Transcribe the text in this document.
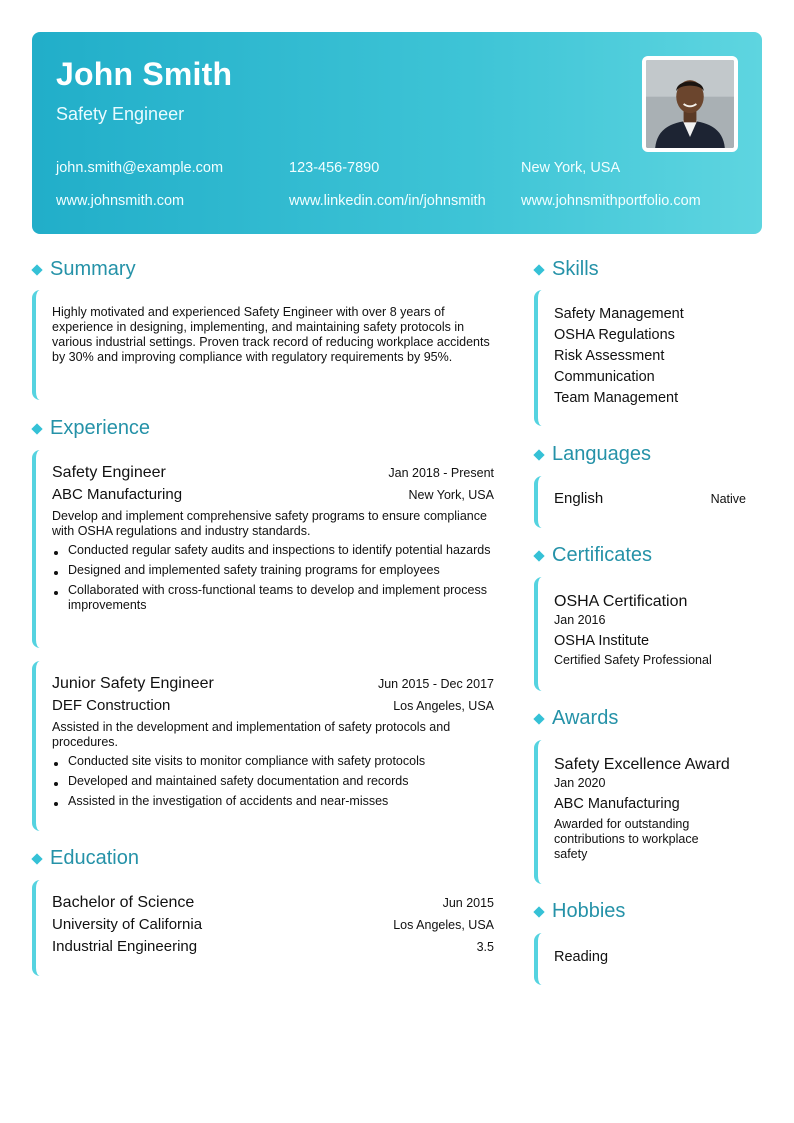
John Smith
Safety Engineer
john.smith@example.com	123-456-7890	New York, USA
www.johnsmith.com	www.linkedin.com/in/johnsmith www.johnsmithportfolio.com
Summary
Highly motivated and experienced Safety Engineer with over 8 years of experience in designing, implementing, and maintaining safety protocols in various industrial settings. Proven track record of reducing workplace accidents by 30% and improving compliance with regulatory requirements by 95%.
Experience
Safety Engineer	Jan 2018 - Present
ABC Manufacturing	New York, USA
Develop and implement comprehensive safety programs to ensure compliance with OSHA regulations and industry standards.
Conducted regular safety audits and inspections to identify potential hazards
Designed and implemented safety training programs for employees
Collaborated with cross-functional teams to develop and implement process improvements
Junior Safety Engineer	Jun 2015 - Dec 2017
DEF Construction	Los Angeles, USA
Assisted in the development and implementation of safety protocols and procedures.
Conducted site visits to monitor compliance with safety protocols
Developed and maintained safety documentation and records
Assisted in the investigation of accidents and near-misses
Education
Bachelor of Science	Jun 2015
University of California	Los Angeles, USA
Industrial Engineering	3.5
Skills
Safety Management
OSHA Regulations
Risk Assessment
Communication
Team Management
Languages
English	Native
Certificates
OSHA Certification
Jan 2016
OSHA Institute
Certified Safety Professional
Awards
Safety Excellence Award
Jan 2020
ABC Manufacturing
Awarded for outstanding contributions to workplace safety
Hobbies
Reading
